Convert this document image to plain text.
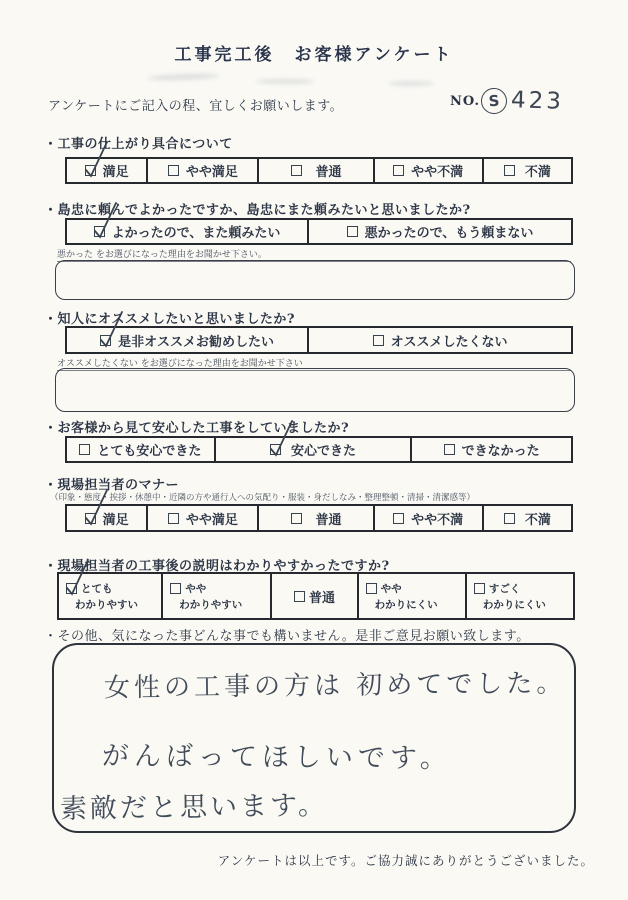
工事完工後　お客様アンケート
アンケートにご記入の程、宜しくお願いします。	NO. S 423
・工事の仕上がり具合について
満足	やや満足	普通	やや不満	不満
・島忠に頼んでよかったですか、島忠にまた頼みたいと思いましたか?
よかったので、また頼みたい	悪かったので、もう頼まない
悪かった をお選びになった理由をお聞かせ下さい。
・知人にオススメしたいと思いましたか?
是非オススメお勧めしたい	オススメしたくない
オススメしたくない をお選びになった理由をお聞かせ下さい
・お客様から見て安心した工事をしていましたか?
とても安心できた	安心できた	できなかった
・現場担当者のマナー
（印象・態度・挨拶・休憩中・近隣の方や通行人への気配り・服装・身だしなみ・整理整頓・清掃・清潔感等）
満足	やや満足	普通	やや不満	不満
・現場担当者の工事後の説明はわかりやすかったですか?
とても
わかりやすい
やや
わかりやすい	普通
やや
わかりにくい
すごく
わかりにくい
・その他、気になった事どんな事でも構いません。是非ご意見お願い致します。
女性の工事の方は 初めてでした。
がんばってほしいです。
素敵だと思います。
アンケートは以上です。ご協力誠にありがとうございました。
